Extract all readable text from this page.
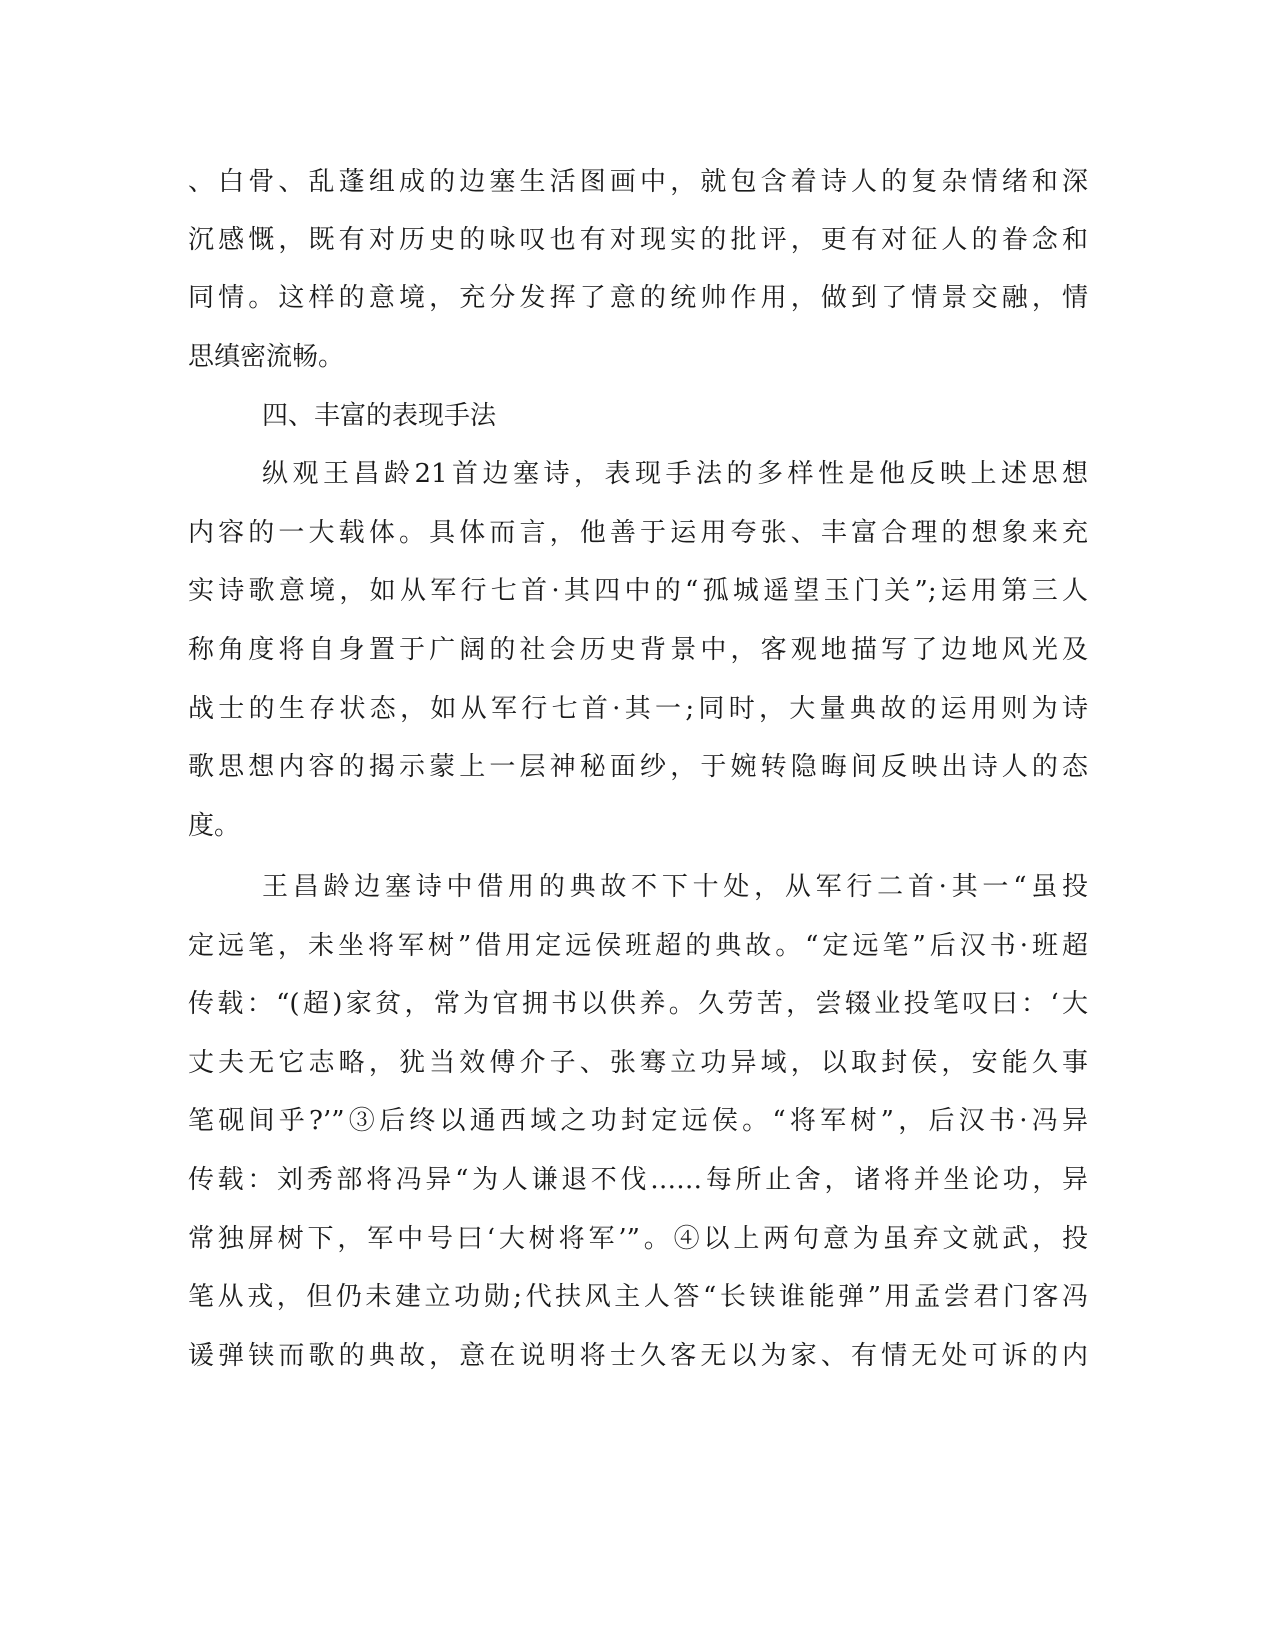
、白骨、乱蓬组成的边塞生活图画中，就包含着诗人的复杂情绪和深
沉感慨，既有对历史的咏叹也有对现实的批评，更有对征人的眷念和
同情。这样的意境，充分发挥了意的统帅作用，做到了情景交融，情
思缜密流畅。
四、丰富的表现手法
纵观王昌龄21首边塞诗，表现手法的多样性是他反映上述思想
内容的一大载体。具体而言，他善于运用夸张、丰富合理的想象来充
实诗歌意境，如从军行七首·其四中的“孤城遥望玉门关”;运用第三人
称角度将自身置于广阔的社会历史背景中，客观地描写了边地风光及
战士的生存状态，如从军行七首·其一;同时，大量典故的运用则为诗
歌思想内容的揭示蒙上一层神秘面纱，于婉转隐晦间反映出诗人的态
度。
王昌龄边塞诗中借用的典故不下十处，从军行二首·其一“虽投
定远笔，未坐将军树”借用定远侯班超的典故。“定远笔”后汉书·班超
传载：“(超)家贫，常为官拥书以供养。久劳苦，尝辍业投笔叹曰：‘大
丈夫无它志略，犹当效傅介子、张骞立功异域，以取封侯，安能久事
笔砚间乎?’”③后终以通西域之功封定远侯。“将军树”，后汉书·冯异
传载：刘秀部将冯异“为人谦退不伐……每所止舍，诸将并坐论功，异
常独屏树下，军中号曰‘大树将军’”。④以上两句意为虽弃文就武，投
笔从戎，但仍未建立功勋;代扶风主人答“长铗谁能弹”用孟尝君门客冯
谖弹铗而歌的典故，意在说明将士久客无以为家、有情无处可诉的内
